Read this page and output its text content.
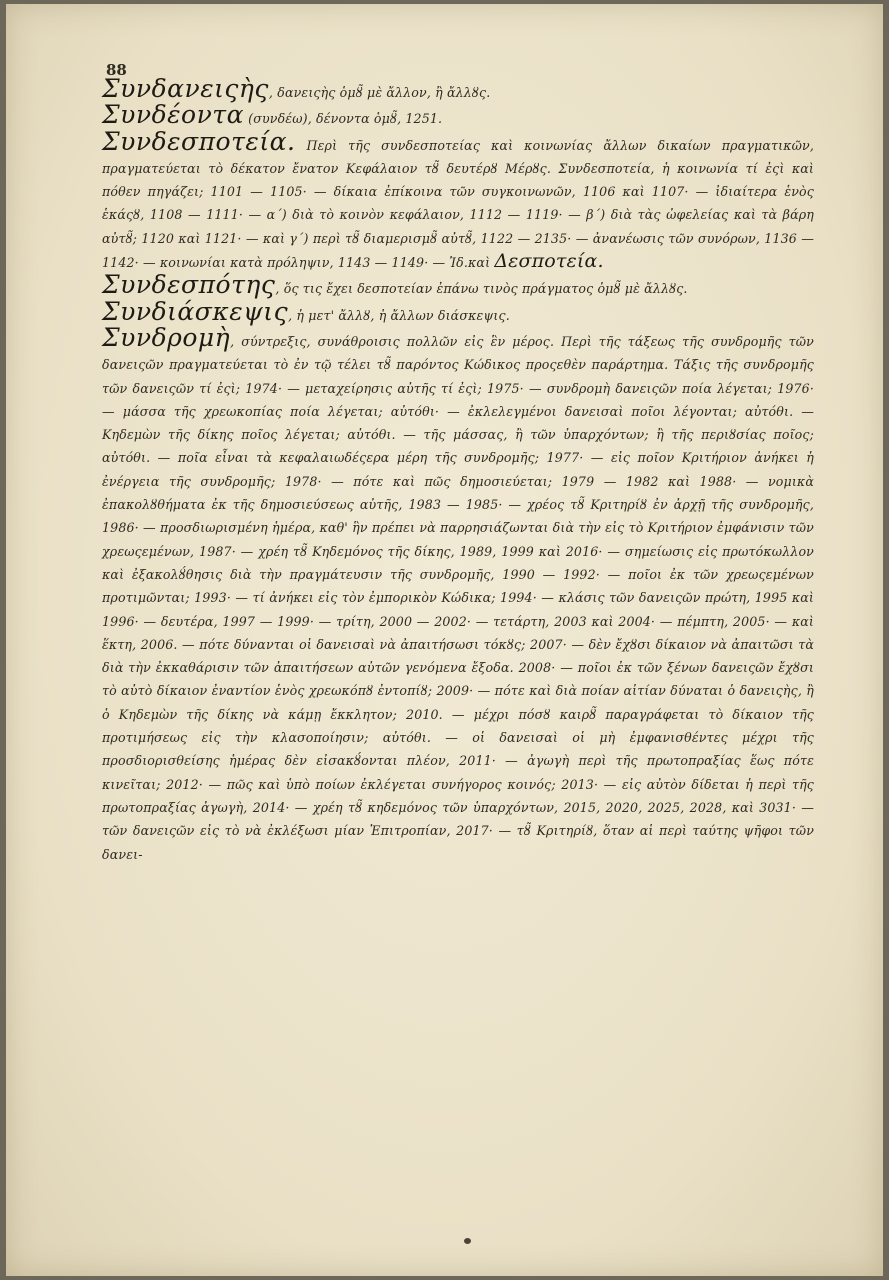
88

Συνδανειςὴς, δανειςὴς ὁμȣ̃ μὲ ἄλλον, ἢ ἄλλȣς.

Συνδέοντα (συνδέω), δένοντα ὁμȣ̃, 1251.

Συνδεσποτεία. Περὶ τῆς συνδεσποτείας καὶ κοινωνίας ἄλλων δικαίων πραγματικῶν, πραγματεύεται τὸ δέκατον ἔνατον Κεφάλαιον τȣ̃ δευτέρȣ Μέρȣς. Συνδεσποτεία, ἡ κοινωνία τί ἐςὶ καὶ πόθεν πηγάζει; 1101 — 1105· — δίκαια ἐπίκοινα τῶν συγκοινωνῶν, 1106 καὶ 1107· — ἰδιαίτερα ἑνὸς ἑκάςȣ, 1108 — 1111· — α΄) διὰ τὸ κοινὸν κεφάλαιον, 1112 — 1119· — β΄) διὰ τὰς ὠφελείας καὶ τὰ βάρη αὐτȣ̃; 1120 καὶ 1121· — καὶ γ΄) περὶ τȣ̃ διαμερισμȣ̃ αὐτȣ̃, 1122 — 2135· — ἀνανέωσις τῶν συνόρων, 1136 — 1142· — κοινωνίαι κατὰ πρόληψιν, 1143 — 1149· — Ἰδ.καὶ Δεσποτεία.

Συνδεσπότης, ὅς τις ἔχει δεσποτείαν ἐπάνω τινὸς πράγματος ὁμȣ̃ μὲ ἄλλȣς.

Συνδιάσκεψις, ἡ μετ' ἄλλȣ, ἡ ἄλλων διάσκεψις.

Συνδρομὴ, σύντρεξις, συνάθροισις πολλῶν εἰς ἓν μέρος. Περὶ τῆς τάξεως τῆς συνδρομῆς τῶν δανειςῶν πραγματεύεται τὸ ἐν τῷ τέλει τȣ̃ παρόντος Κώδικος προςεθὲν παράρτημα. Τάξις τῆς συνδρομῆς τῶν δανειςῶν τί ἐςὶ; 1974· — μεταχείρησις αὐτῆς τί ἐςὶ; 1975· — συνδρομὴ δανειςῶν ποία λέγεται; 1976· — μάσσα τῆς χρεωκοπίας ποία λέγεται; αὐτόθι· — ἐκλελεγμένοι δανεισαὶ ποῖοι λέγονται; αὐτόθι. — Κηδεμὼν τῆς δίκης ποῖος λέγεται; αὐτόθι. — τῆς μάσσας, ἢ τῶν ὑπαρχόντων; ἢ τῆς περιȣσίας ποῖος; αὐτόθι. — ποῖα εἶναι τὰ κεφαλαιωδέςερα μέρη τῆς συνδρομῆς; 1977· — εἰς ποῖον Κριτήριον ἀνήκει ἡ ἐνέργεια τῆς συνδρομῆς; 1978· — πότε καὶ πῶς δημοσιεύεται; 1979 — 1982 καὶ 1988· — νομικὰ ἐπακολȣθήματα ἐκ τῆς δημοσιεύσεως αὐτῆς, 1983 — 1985· — χρέος τȣ̃ Κριτηρίȣ ἐν ἀρχῇ τῆς συνδρομῆς, 1986· — προσδιωρισμένη ἡμέρα, καθ' ἣν πρέπει νὰ παρρησιάζωνται διὰ τὴν εἰς τὸ Κριτήριον ἐμφάνισιν τῶν χρεωςεμένων, 1987· — χρέη τȣ̃ Κηδεμόνος τῆς δίκης, 1989, 1999 καὶ 2016· — σημείωσις εἰς πρωτόκωλλον καὶ ἐξακολȣ́θησις διὰ τὴν πραγμάτευσιν τῆς συνδρομῆς, 1990 — 1992· — ποῖοι ἐκ τῶν χρεωςεμένων προτιμῶνται; 1993· — τί ἀνήκει εἰς τὸν ἐμπορικὸν Κώδικα; 1994· — κλάσις τῶν δανειςῶν πρώτη, 1995 καὶ 1996· — δευτέρα, 1997 — 1999· — τρίτη, 2000 — 2002· — τετάρτη, 2003 καὶ 2004· — πέμπτη, 2005· — καὶ ἕκτη, 2006. — πότε δύνανται οἱ δανεισαὶ νὰ ἀπαιτήσωσι τόκȣς; 2007· — δὲν ἔχȣσι δίκαιον νὰ ἀπαιτῶσι τὰ διὰ τὴν ἐκκαθάρισιν τῶν ἀπαιτήσεων αὐτῶν γενόμενα ἔξοδα. 2008· — ποῖοι ἐκ τῶν ξένων δανειςῶν ἔχȣσι τὸ αὐτὸ δίκαιον ἐναντίον ἑνὸς χρεωκόπȣ ἐντοπίȣ; 2009· — πότε καὶ διὰ ποίαν αἰτίαν δύναται ὁ δανειςὴς, ἢ ὁ Κηδεμὼν τῆς δίκης νὰ κάμῃ ἔκκλητον; 2010. — μέχρι πόσȣ καιρȣ̃ παραγράφεται τὸ δίκαιον τῆς προτιμήσεως εἰς τὴν κλασοποίησιν; αὐτόθι. — οἱ δανεισαὶ οἱ μὴ ἐμφανισθέντες μέχρι τῆς προσδιορισθείσης ἡμέρας δὲν εἰσακȣ́ονται πλέον, 2011· — ἀγωγὴ περὶ τῆς πρωτοπραξίας ἕως πότε κινεῖται; 2012· — πῶς καὶ ὑπὸ ποίων ἐκλέγεται συνήγορος κοινός; 2013· — εἰς αὐτὸν δίδεται ἡ περὶ τῆς πρωτοπραξίας ἀγωγὴ, 2014· — χρέη τȣ̃ κηδεμόνος τῶν ὑπαρχόντων, 2015, 2020, 2025, 2028, καὶ 3031· — τῶν δανειςῶν εἰς τὸ νὰ ἐκλέξωσι μίαν Ἐπιτροπίαν, 2017· — τȣ̃ Κριτηρίȣ, ὅταν αἱ περὶ ταύτης ψῆφοι τῶν δανει-
